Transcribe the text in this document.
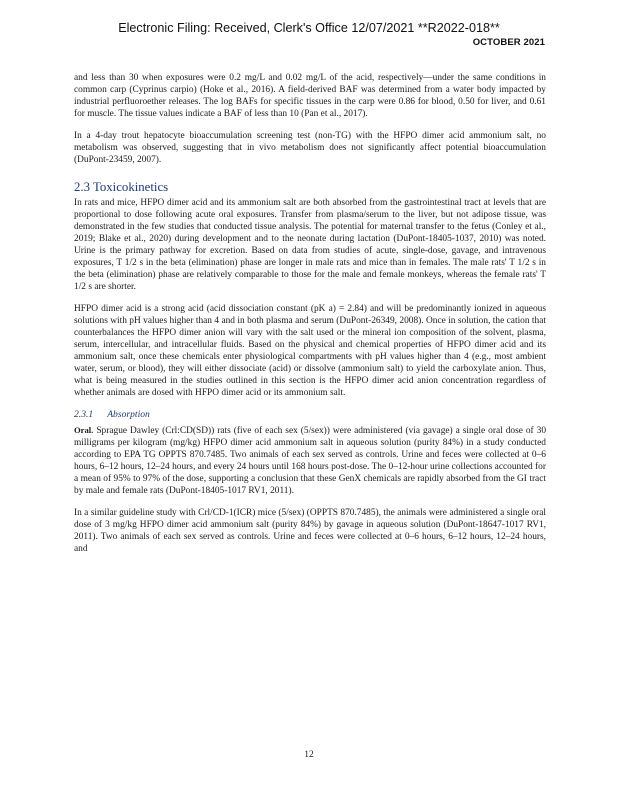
Electronic Filing: Received, Clerk's Office 12/07/2021 **R2022-018**
OCTOBER 2021

and less than 30 when exposures were 0.2 mg/L and 0.02 mg/L of the acid, respectively—under the same conditions in common carp (Cyprinus carpio) (Hoke et al., 2016). A field-derived BAF was determined from a water body impacted by industrial perfluoroether releases. The log BAFs for specific tissues in the carp were 0.86 for blood, 0.50 for liver, and 0.61 for muscle. The tissue values indicate a BAF of less than 10 (Pan et al., 2017).

In a 4-day trout hepatocyte bioaccumulation screening test (non-TG) with the HFPO dimer acid ammonium salt, no metabolism was observed, suggesting that in vivo metabolism does not significantly affect potential bioaccumulation (DuPont-23459, 2007).

2.3 Toxicokinetics

In rats and mice, HFPO dimer acid and its ammonium salt are both absorbed from the gastrointestinal tract at levels that are proportional to dose following acute oral exposures. Transfer from plasma/serum to the liver, but not adipose tissue, was demonstrated in the few studies that conducted tissue analysis. The potential for maternal transfer to the fetus (Conley et al., 2019; Blake et al., 2020) during development and to the neonate during lactation (DuPont-18405-1037, 2010) was noted. Urine is the primary pathway for excretion. Based on data from studies of acute, single-dose, gavage, and intravenous exposures, T 1/2 s in the beta (elimination) phase are longer in male rats and mice than in females. The male rats' T 1/2 s in the beta (elimination) phase are relatively comparable to those for the male and female monkeys, whereas the female rats' T 1/2 s are shorter.

HFPO dimer acid is a strong acid (acid dissociation constant (pK a) = 2.84) and will be predominantly ionized in aqueous solutions with pH values higher than 4 and in both plasma and serum (DuPont-26349, 2008). Once in solution, the cation that counterbalances the HFPO dimer anion will vary with the salt used or the mineral ion composition of the solvent, plasma, serum, intercellular, and intracellular fluids. Based on the physical and chemical properties of HFPO dimer acid and its ammonium salt, once these chemicals enter physiological compartments with pH values higher than 4 (e.g., most ambient water, serum, or blood), they will either dissociate (acid) or dissolve (ammonium salt) to yield the carboxylate anion. Thus, what is being measured in the studies outlined in this section is the HFPO dimer acid anion concentration regardless of whether animals are dosed with HFPO dimer acid or its ammonium salt.

2.3.1 Absorption

Oral. Sprague Dawley (Crl:CD(SD)) rats (five of each sex (5/sex)) were administered (via gavage) a single oral dose of 30 milligrams per kilogram (mg/kg) HFPO dimer acid ammonium salt in aqueous solution (purity 84%) in a study conducted according to EPA TG OPPTS 870.7485. Two animals of each sex served as controls. Urine and feces were collected at 0–6 hours, 6–12 hours, 12–24 hours, and every 24 hours until 168 hours post-dose. The 0–12-hour urine collections accounted for a mean of 95% to 97% of the dose, supporting a conclusion that these GenX chemicals are rapidly absorbed from the GI tract by male and female rats (DuPont-18405-1017 RV1, 2011).

In a similar guideline study with Crl/CD-1(ICR) mice (5/sex) (OPPTS 870.7485), the animals were administered a single oral dose of 3 mg/kg HFPO dimer acid ammonium salt (purity 84%) by gavage in aqueous solution (DuPont-18647-1017 RV1, 2011). Two animals of each sex served as controls. Urine and feces were collected at 0–6 hours, 6–12 hours, 12–24 hours, and

12
